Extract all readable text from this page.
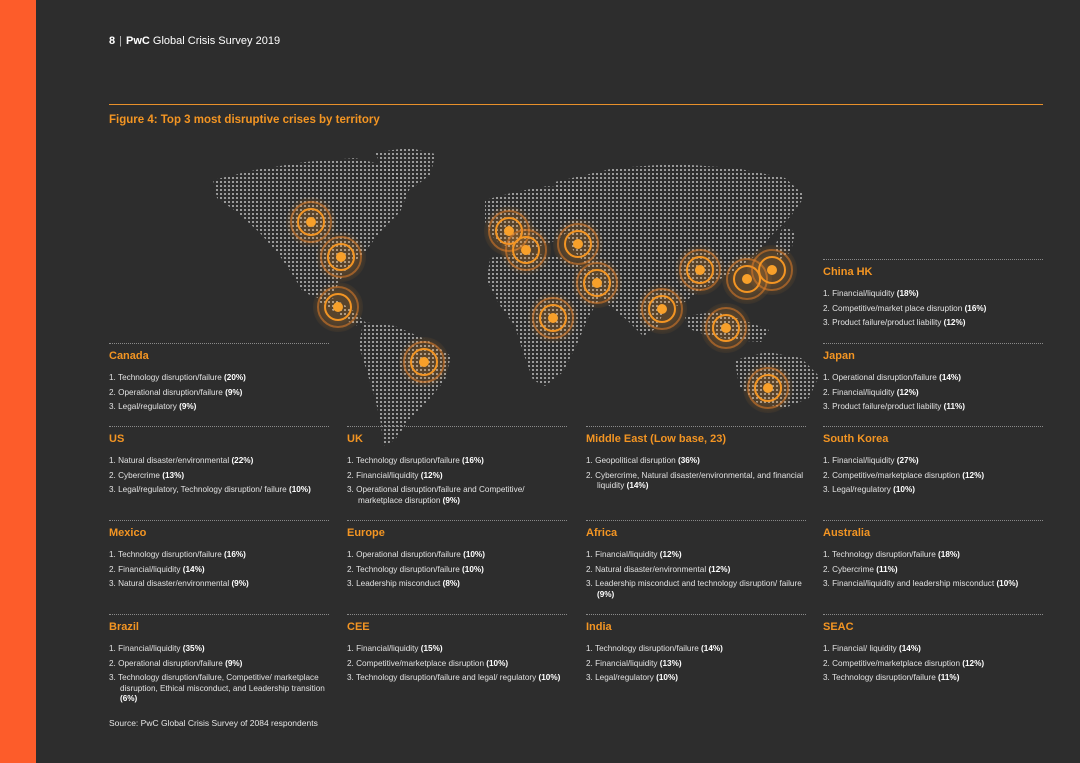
8 | PwC Global Crisis Survey 2019
Figure 4: Top 3 most disruptive crises by territory
China HK
1. Financial/liquidity (18%)
2. Competitive/market place disruption (16%)
3. Product failure/product liability (12%)
Canada
1. Technology disruption/failure (20%)
2. Operational disruption/failure (9%)
3. Legal/regulatory (9%)
Japan
1. Operational disruption/failure (14%)
2. Financial/liquidity (12%)
3. Product failure/product liability (11%)
US
1. Natural disaster/environmental (22%)
2. Cybercrime (13%)
3. Legal/regulatory, Technology disruption/ failure (10%)
UK
1. Technology disruption/failure (16%)
2. Financial/liquidity (12%)
3. Operational disruption/failure and Competitive/ marketplace disruption (9%)
Middle East (Low base, 23)
1. Geopolitical disruption (36%)
2. Cybercrime, Natural disaster/environmental, and financial liquidity (14%)
South Korea
1. Financial/liquidity (27%)
2. Competitive/marketplace disruption (12%)
3. Legal/regulatory (10%)
Mexico
1. Technology disruption/failure (16%)
2. Financial/liquidity (14%)
3. Natural disaster/environmental (9%)
Europe
1. Operational disruption/failure (10%)
2. Technology disruption/failure (10%)
3. Leadership misconduct (8%)
Africa
1. Financial/liquidity (12%)
2. Natural disaster/environmental (12%)
3. Leadership misconduct and technology disruption/ failure (9%)
Australia
1. Technology disruption/failure (18%)
2. Cybercrime (11%)
3. Financial/liquidity and leadership misconduct (10%)
Brazil
1. Financial/liquidity (35%)
2. Operational disruption/failure (9%)
3. Technology disruption/failure, Competitive/ marketplace disruption, Ethical misconduct, and Leadership transition (6%)
CEE
1. Financial/liquidity (15%)
2. Competitive/marketplace disruption (10%)
3. Technology disruption/failure and legal/ regulatory (10%)
India
1. Technology disruption/failure (14%)
2. Financial/liquidity (13%)
3. Legal/regulatory (10%)
SEAC
1. Financial/ liquidity (14%)
2. Competitive/marketplace disruption (12%)
3. Technology disruption/failure (11%)
Source: PwC Global Crisis Survey of 2084 respondents
